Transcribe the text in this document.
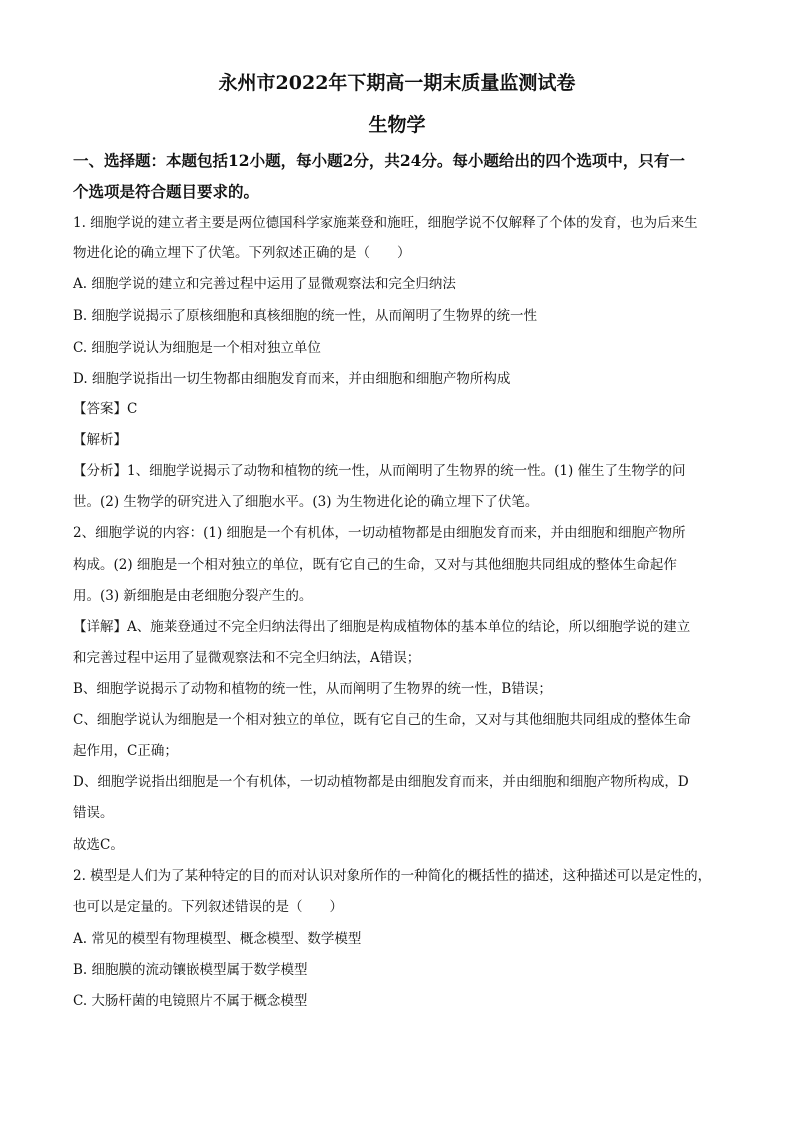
永州市2022年下期高一期末质量监测试卷
生物学
一、选择题：本题包括12小题，每小题2分，共24分。每小题给出的四个选项中，只有一
个选项是符合题目要求的。
1. 细胞学说的建立者主要是两位德国科学家施莱登和施旺，细胞学说不仅解释了个体的发育，也为后来生
物进化论的确立埋下了伏笔。下列叙述正确的是（　　）
A. 细胞学说的建立和完善过程中运用了显微观察法和完全归纳法
B. 细胞学说揭示了原核细胞和真核细胞的统一性，从而阐明了生物界的统一性
C. 细胞学说认为细胞是一个相对独立单位
D. 细胞学说指出一切生物都由细胞发育而来，并由细胞和细胞产物所构成
【答案】C
【解析】
【分析】1、细胞学说揭示了动物和植物的统一性，从而阐明了生物界的统一性。(1) 催生了生物学的问
世。(2) 生物学的研究进入了细胞水平。(3) 为生物进化论的确立埋下了伏笔。
2、细胞学说的内容：(1) 细胞是一个有机体，一切动植物都是由细胞发育而来，并由细胞和细胞产物所
构成。(2) 细胞是一个相对独立的单位，既有它自己的生命，又对与其他细胞共同组成的整体生命起作
用。(3) 新细胞是由老细胞分裂产生的。
【详解】A、施莱登通过不完全归纳法得出了细胞是构成植物体的基本单位的结论，所以细胞学说的建立
和完善过程中运用了显微观察法和不完全归纳法，A错误；
B、细胞学说揭示了动物和植物的统一性，从而阐明了生物界的统一性，B错误；
C、细胞学说认为细胞是一个相对独立的单位，既有它自己的生命，又对与其他细胞共同组成的整体生命
起作用，C正确；
D、细胞学说指出细胞是一个有机体，一切动植物都是由细胞发育而来，并由细胞和细胞产物所构成，D
错误。
故选C。
2. 模型是人们为了某种特定的目的而对认识对象所作的一种简化的概括性的描述，这种描述可以是定性的，
也可以是定量的。下列叙述错误的是（　　）
A. 常见的模型有物理模型、概念模型、数学模型
B. 细胞膜的流动镶嵌模型属于数学模型
C. 大肠杆菌的电镜照片不属于概念模型
